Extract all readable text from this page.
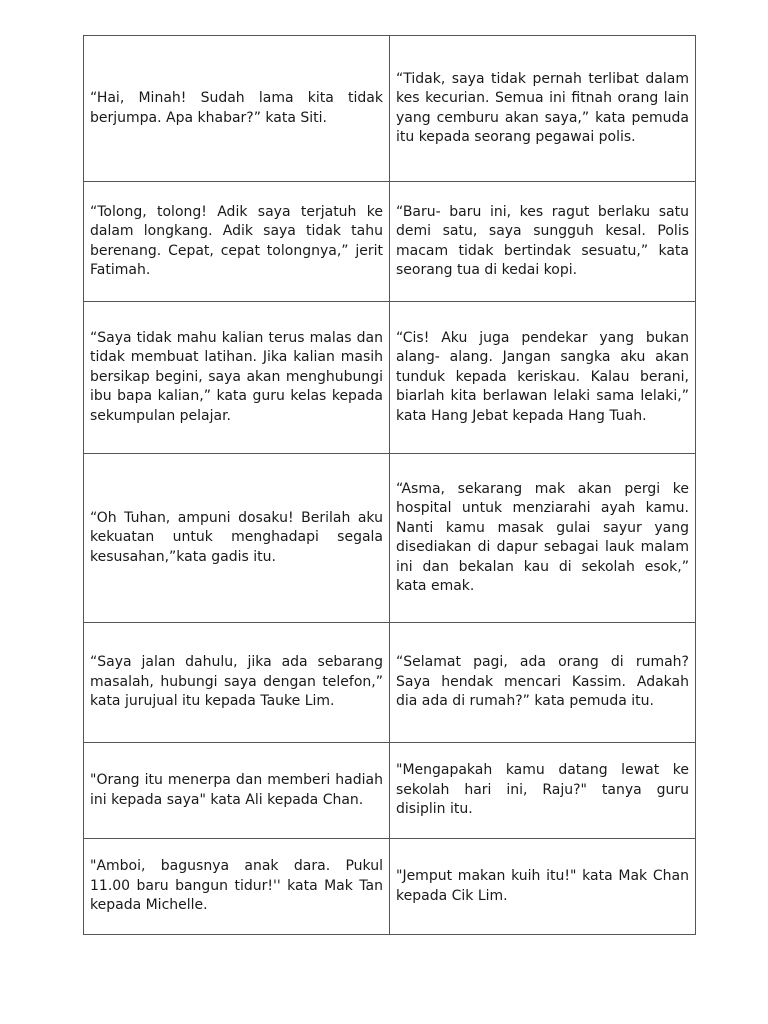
“Hai, Minah! Sudah lama kita tidak berjumpa. Apa khabar?” kata Siti.	“Tidak, saya tidak pernah terlibat dalam kes kecurian. Semua ini fitnah orang lain yang cemburu akan saya,” kata pemuda itu kepada seorang pegawai polis.

“Tolong, tolong! Adik saya terjatuh ke dalam longkang. Adik saya tidak tahu berenang. Cepat, cepat tolongnya,” jerit Fatimah.	“Baru- baru ini, kes ragut berlaku satu demi satu, saya sungguh kesal. Polis macam tidak bertindak sesuatu,” kata seorang tua di kedai kopi.

“Saya tidak mahu kalian terus malas dan tidak membuat latihan. Jika kalian masih bersikap begini, saya akan menghubungi ibu bapa kalian,” kata guru kelas kepada sekumpulan pelajar.	“Cis! Aku juga pendekar yang bukan alang- alang. Jangan sangka aku akan tunduk kepada keriskau. Kalau berani, biarlah kita berlawan lelaki sama lelaki,” kata Hang Jebat kepada Hang Tuah.

“Oh Tuhan, ampuni dosaku! Berilah aku kekuatan untuk menghadapi segala kesusahan,”kata gadis itu.	“Asma, sekarang mak akan pergi ke hospital untuk menziarahi ayah kamu. Nanti kamu masak gulai sayur yang disediakan di dapur sebagai lauk malam ini dan bekalan kau di sekolah esok,” kata emak.

“Saya jalan dahulu, jika ada sebarang masalah, hubungi saya dengan telefon,” kata jurujual itu kepada Tauke Lim.	“Selamat pagi, ada orang di rumah? Saya hendak mencari Kassim. Adakah dia ada di rumah?” kata pemuda itu.

"Orang itu menerpa dan memberi hadiah ini kepada saya" kata Ali kepada Chan.	"Mengapakah kamu datang lewat ke sekolah hari ini, Raju?" tanya guru disiplin itu.

"Amboi, bagusnya anak dara. Pukul 11.00 baru bangun tidur!'' kata Mak Tan kepada Michelle.	"Jemput makan kuih itu!" kata Mak Chan kepada Cik Lim.
